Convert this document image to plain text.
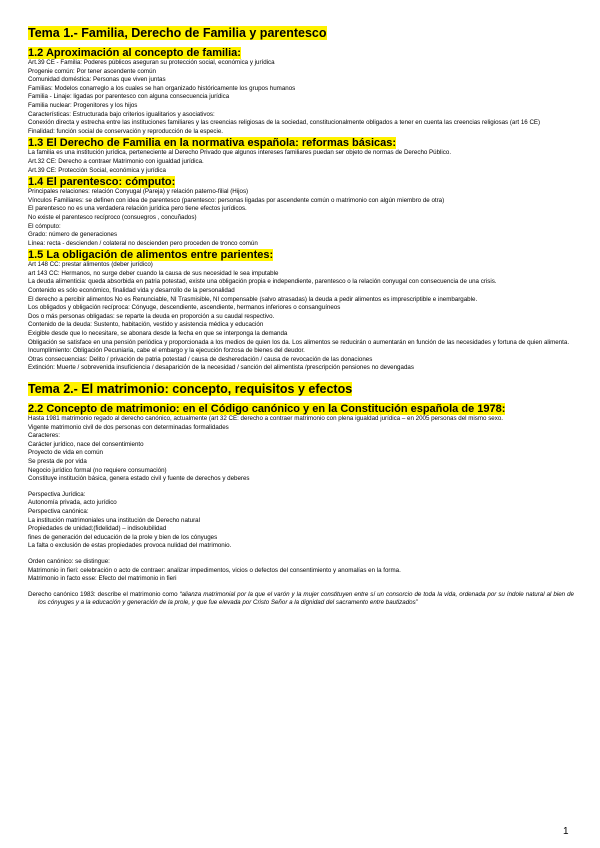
Tema 1.- Familia, Derecho de Familia y parentesco
1.2 Aproximación al concepto de familia:

Art.39 CE - Familia: Poderes públicos aseguran su protección social, económica y jurídica

Progenie común: Por tener ascendente común

Comunidad doméstica: Personas que viven juntas

Familias: Modelos conarreglo a los cuales se han organizado históricamente los grupos humanos

Familia - Linaje: ligadas por parentesco con alguna consecuencia jurídica

Familia nuclear: Progenitores y los hijos

Características: Estructurada bajo criterios igualitarios y asociativos:

Conexión directa y estrecha entre las instituciones familiares y las creencias religiosas de la sociedad, constitucionalmente obligados a tener en cuenta las creencias religiosas (art 16 CE)

Finalidad: función social de conservación y reproducción de la especie.

1.3 El Derecho de Familia en la normativa española: reformas básicas:

La familia es una institución jurídica, perteneciente al Derecho Privado que algunos intereses familiares puedan ser objeto de normas de Derecho Público.

Art.32 CE: Derecho a contraer Matrimonio con igualdad jurídica.

Art.39 CE: Protección Social, económica y jurídica

1.4 El parentesco: cómputo:

Principales relaciones: relación Conyugal (Pareja) y relación paterno-filial (Hijos)

Vínculos Familiares: se definen con idea de parentesco (parentesco: personas ligadas por ascendente común o matrimonio con algún miembro de otra)

El parentesco no es una verdadera relación jurídica pero tiene efectos jurídicos.

No existe el parentesco recíproco (consuegros , concuñados)

El cómputo:

Grado: número de generaciones

Línea: recta - descienden / colateral no descienden pero proceden de tronco común

1.5 La obligación de alimentos entre parientes:

Art 148 CC: prestar alimentos (deber jurídico)

art 143 CC: Hermanos, no surge deber cuando la causa de sus necesidad le sea imputable

La deuda alimenticia: queda absorbida en patria potestad, existe una obligación propia e independiente, parentesco o la relación conyugal con consecuencia de una crisis.

Contenido es sólo económico, finalidad vida y desarrollo de la personalidad

El derecho a percibir alimentos No es Renunciable, NI Trasmisible, NI compensable (salvo atrasadas) la deuda a pedir alimentos es imprescriptible e inembargable.

Los obligados y obligación recíproca: Cónyuge, descendiente, ascendiente, hermanos inferiores o consanguíneos

Dos o más personas obligadas: se reparte la deuda en proporción a su caudal respectivo.

Contenido de la deuda: Sustento, habitación, vestido y asistencia médica y educación

Exigible desde que lo necesitare, se abonara desde la fecha en que se interponga la demanda

Obligación se satisface en una pensión periódica y proporcionada a los medios de quien los da. Los alimentos se reducirán o aumentarán en función de las necesidades y fortuna de quien alimenta.

Incumplimiento: Obligación Pecuniaria, cabe el embargo y la ejecución forzosa de bienes del deudor.

Otras consecuencias: Delito / privación de patria potestad / causa de desheredación / causa de revocación de las donaciones

Extinción: Muerte / sobrevenida insuficiencia / desaparición de la necesidad / sanción del alimentista /prescripción pensiones no devengadas

Tema 2.- El matrimonio: concepto, requisitos y efectos
2.2 Concepto de matrimonio: en el Código canónico y en la Constitución española de 1978:

Hasta 1981 matrimonio regado al derecho canónico, actualmente (art 32 CE: derecho a contraer matrimonio con plena igualdad jurídica – en 2005 personas del mismo sexo.

Vigente matrimonio civil de dos personas con determinadas formalidades

Caracteres:

Carácter jurídico, nace del consentimiento

Proyecto de vida en común

Se presta de por vida

Negocio jurídico formal (no requiere consumación)

Constituye institución básica, genera estado civil y fuente de derechos y deberes

Perspectiva Jurídica:

Autonomía privada, acto jurídico

Perspectiva canónica:

La institución matrimoniales una institución de Derecho natural

Propiedades de unidad;(fidelidad) – indisolubilidad

fines de generación del educación de la prole y bien de los cónyuges

La falta o exclusión de estas propiedades provoca nulidad del matrimonio.

Orden canónico: se distingue:

Matrimonio in fieri: celebración o acto de contraer: analizar impedimentos, vicios o defectos del consentimiento y anomalías en la forma.

Matrimonio in facto esse: Efecto del matrimonio in fieri

Derecho canónico 1983: describe el matrimonio como “alianza matrimonial por la que el varón y la mujer constituyen entre sí un consorcio de toda la vida, ordenada por su índole natural al bien de los cónyuges y a la educación y generación de la prole, y que fue elevada por Cristo Señor a la dignidad del sacramento entre bautizados”

1
